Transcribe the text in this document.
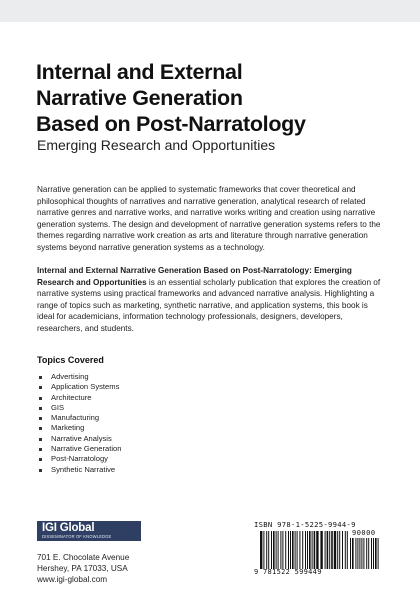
Internal and External
Narrative Generation
Based on Post-Narratology
Emerging Research and Opportunities
Narrative generation can be applied to systematic frameworks that cover theoretical and philosophical thoughts of narratives and narrative generation, analytical research of related narrative genres and narrative works, and narrative works writing and creation using narrative generation systems. The design and development of narrative generation systems refers to the themes regarding narrative work creation as arts and literature through narrative generation systems beyond narrative generation systems as a technology.
Internal and External Narrative Generation Based on Post-Narratology: Emerging Research and Opportunities is an essential scholarly publication that explores the creation of narrative systems using practical frameworks and advanced narrative analysis. Highlighting a range of topics such as marketing, synthetic narrative, and application systems, this book is ideal for academicians, information technology professionals, designers, developers, researchers, and students.
Topics Covered
Advertising
Application Systems
Architecture
GIS
Manufacturing
Marketing
Narrative Analysis
Narrative Generation
Post-Narratology
Synthetic Narrative
IGI Global
DISSEMINATOR OF KNOWLEDGE
701 E. Chocolate Avenue
Hershey, PA 17033, USA
www.igi-global.com
ISBN 978-1-5225-9944-9
90000
9 781522 599449
